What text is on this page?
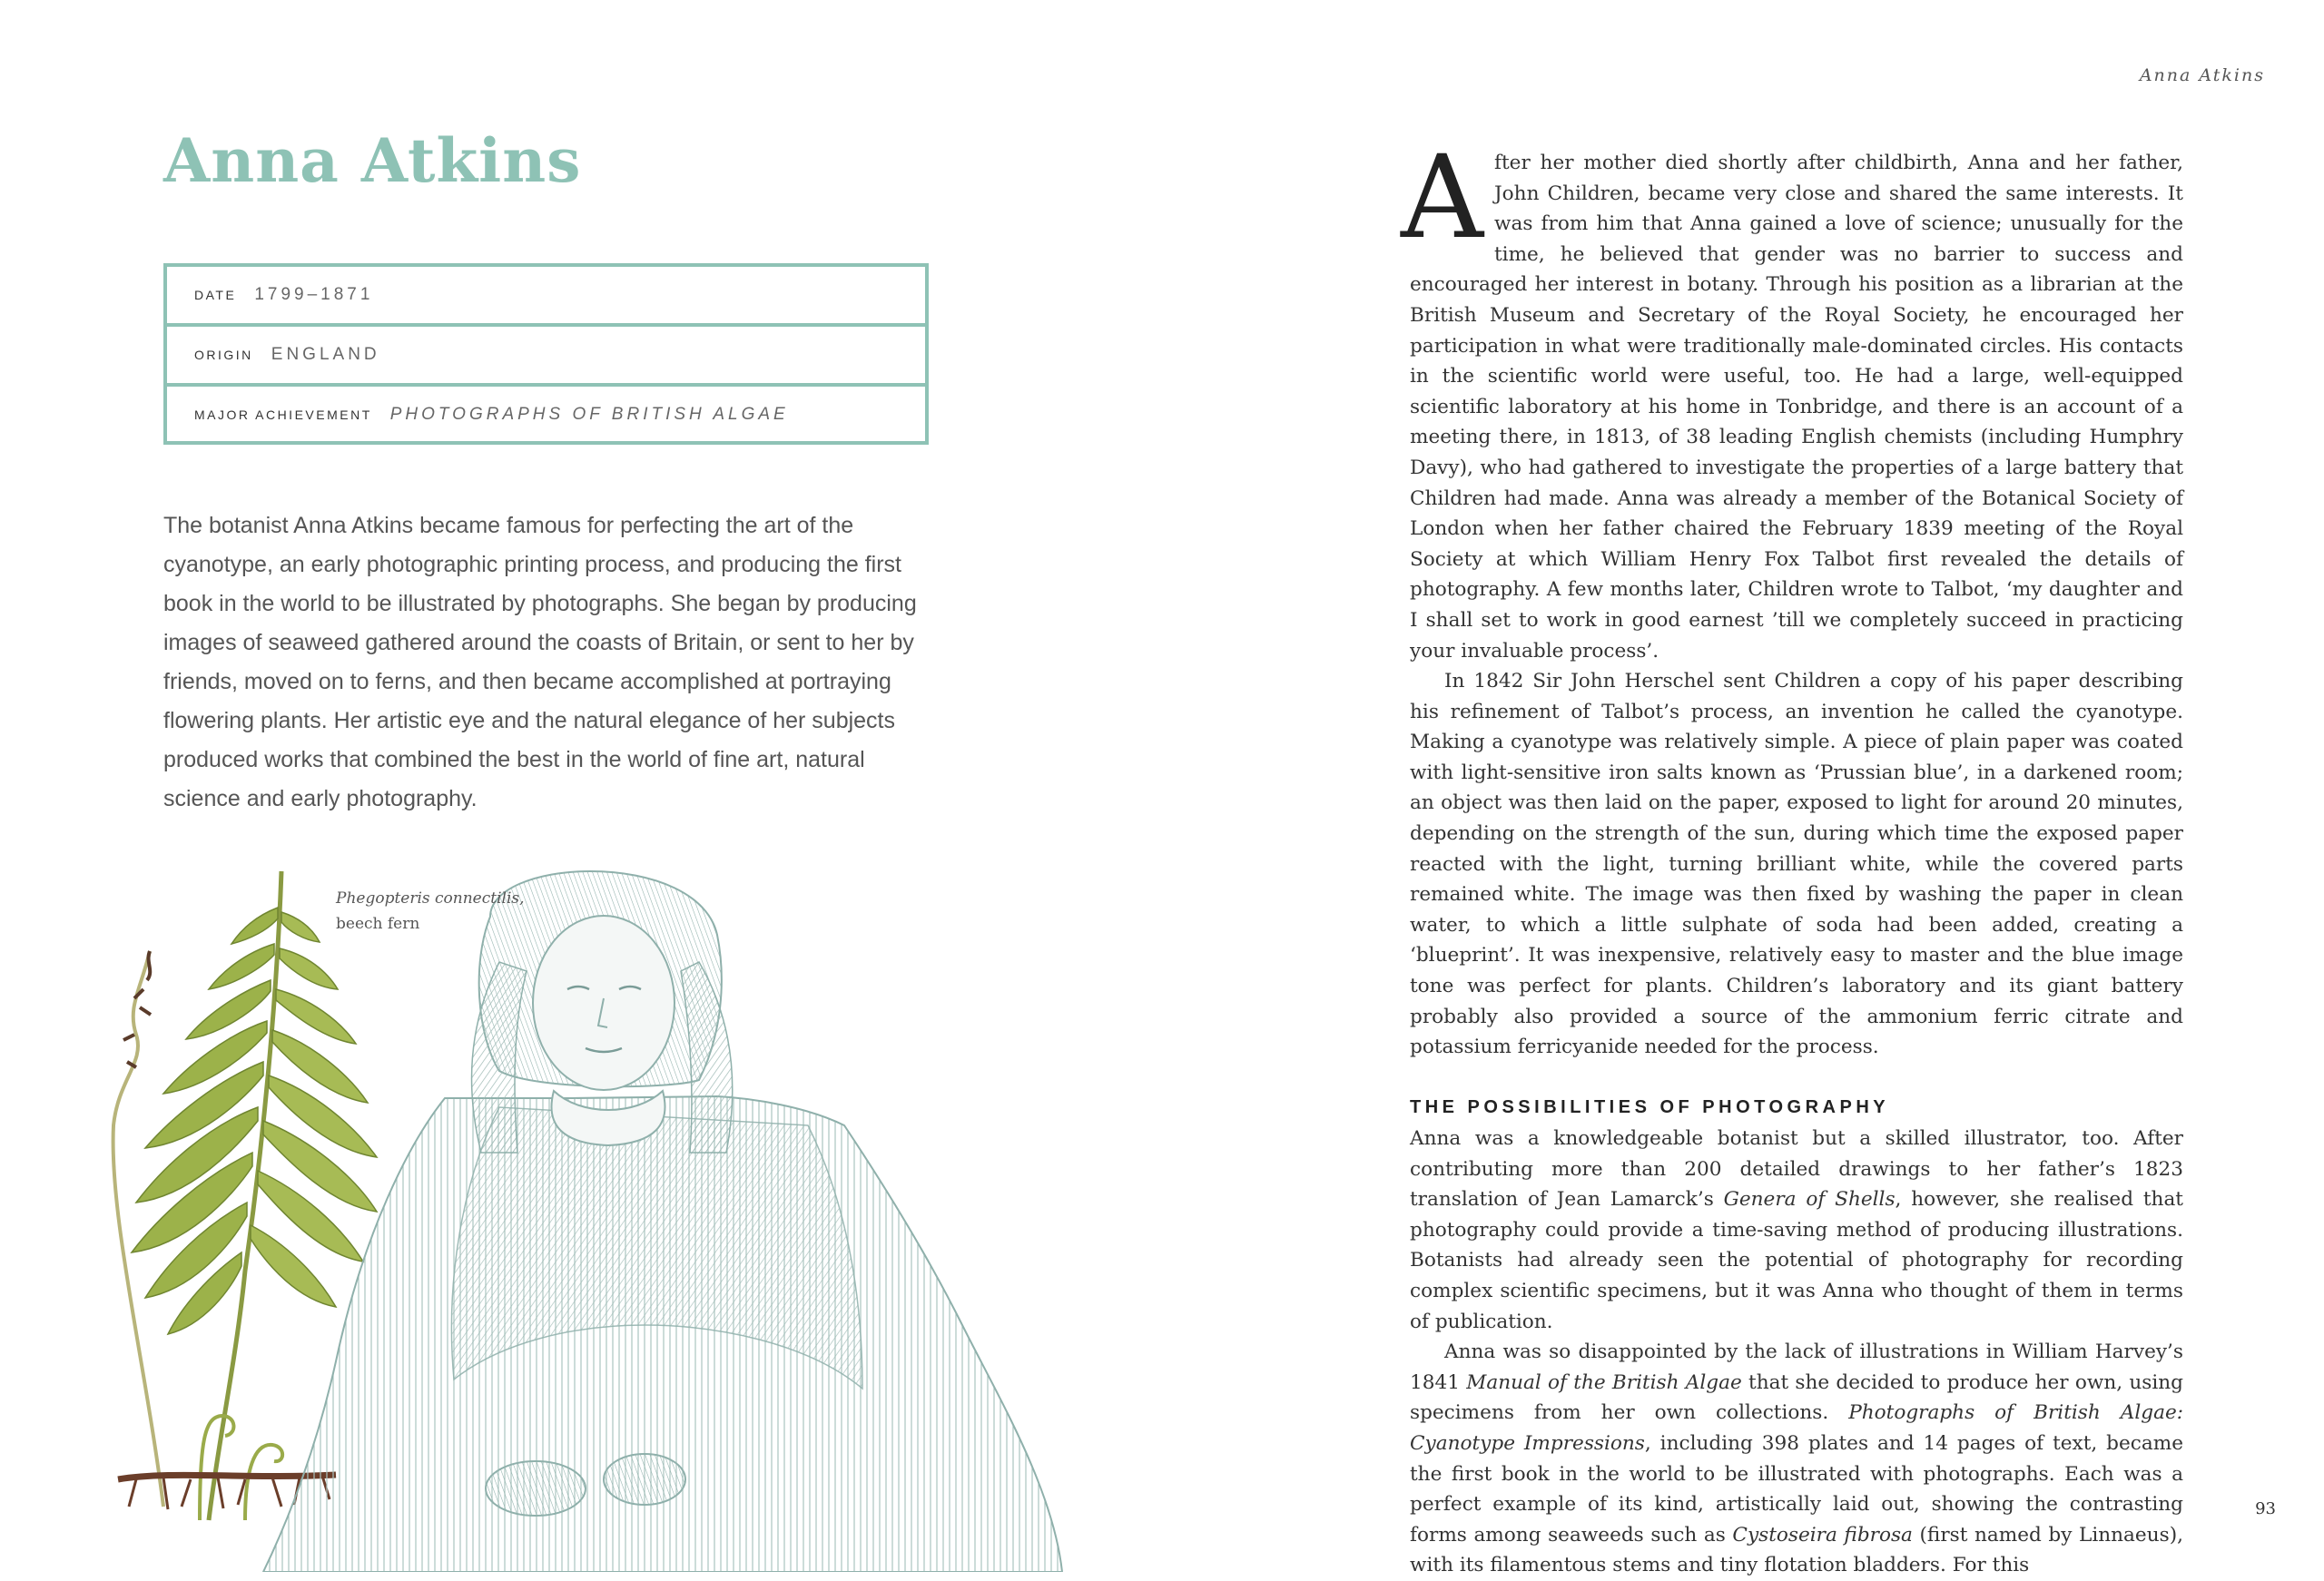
Anna Atkins
DATE 1799–1871
ORIGIN ENGLAND
MAJOR ACHIEVEMENT PHOTOGRAPHS OF BRITISH ALGAE

The botanist Anna Atkins became famous for perfecting the art of the cyanotype, an early photographic printing process, and producing the first book in the world to be illustrated by photographs. She began by producing images of seaweed gathered around the coasts of Britain, or sent to her by friends, moved on to ferns, and then became accomplished at portraying flowering plants. Her artistic eye and the natural elegance of her subjects produced works that combined the best in the world of fine art, natural science and early photography.

Phegopteris connectilis,
beech fern
Anna Atkins

After her mother died shortly after childbirth, Anna and her father, John Children, became very close and shared the same interests. It was from him that Anna gained a love of science; unusually for the time, he believed that gender was no barrier to success and encouraged her interest in botany. Through his position as a librarian at the British Museum and Secretary of the Royal Society, he encouraged her participation in what were traditionally male-dominated circles. His contacts in the scientific world were useful, too. He had a large, well-equipped scientific laboratory at his home in Tonbridge, and there is an account of a meeting there, in 1813, of 38 leading English chemists (including Humphry Davy), who had gathered to investigate the properties of a large battery that Children had made. Anna was already a member of the Botanical Society of London when her father chaired the February 1839 meeting of the Royal Society at which William Henry Fox Talbot first revealed the details of photography. A few months later, Children wrote to Talbot, ‘my daughter and I shall set to work in good earnest ’till we completely succeed in practicing your invaluable process’.

In 1842 Sir John Herschel sent Children a copy of his paper describing his refinement of Talbot’s process, an invention he called the cyanotype. Making a cyanotype was relatively simple. A piece of plain paper was coated with light-sensitive iron salts known as ‘Prussian blue’, in a darkened room; an object was then laid on the paper, exposed to light for around 20 minutes, depending on the strength of the sun, during which time the exposed paper reacted with the light, turning brilliant white, while the covered parts remained white. The image was then fixed by washing the paper in clean water, to which a little sulphate of soda had been added, creating a ‘blueprint’. It was inexpensive, relatively easy to master and the blue image tone was perfect for plants. Children’s laboratory and its giant battery probably also provided a source of the ammonium ferric citrate and potassium ferricyanide needed for the process.

THE POSSIBILITIES OF PHOTOGRAPHY

Anna was a knowledgeable botanist but a skilled illustrator, too. After contributing more than 200 detailed drawings to her father’s 1823 translation of Jean Lamarck’s Genera of Shells, however, she realised that photography could provide a time-saving method of producing illustrations. Botanists had already seen the potential of photography for recording complex scientific specimens, but it was Anna who thought of them in terms of publication.

Anna was so disappointed by the lack of illustrations in William Harvey’s 1841 Manual of the British Algae that she decided to produce her own, using specimens from her own collections. Photographs of British Algae: Cyanotype Impressions, including 398 plates and 14 pages of text, became the first book in the world to be illustrated with photographs. Each was a perfect example of its kind, artistically laid out, showing the contrasting forms among seaweeds such as Cystoseira fibrosa (first named by Linnaeus), with its filamentous stems and tiny flotation bladders. For this

93
